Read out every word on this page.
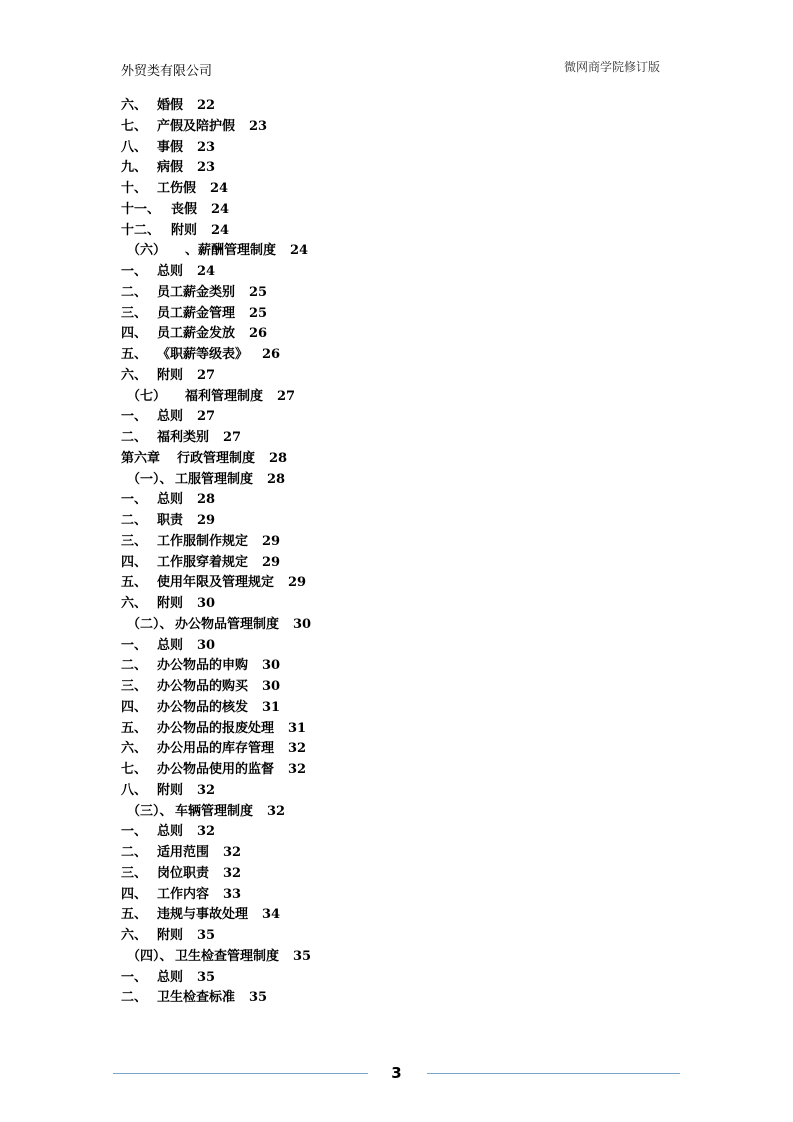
外贸类有限公司	微网商学院修订版
六、 婚假 22
七、 产假及陪护假 23
八、 事假 23
九、 病假 23
十、 工伤假 24
十一、 丧假 24
十二、 附则 24
（六） 、薪酬管理制度 24
一、 总则 24
二、 员工薪金类别 25
三、 员工薪金管理 25
四、 员工薪金发放 26
五、 《职薪等级表》 26
六、 附则 27
（七） 福利管理制度 27
一、 总则 27
二、 福利类别 27
第六章 行政管理制度 28
（一）、 工服管理制度 28
一、 总则 28
二、 职责 29
三、 工作服制作规定 29
四、 工作服穿着规定 29
五、 使用年限及管理规定 29
六、 附则 30
（二）、 办公物品管理制度 30
一、 总则 30
二、 办公物品的申购 30
三、 办公物品的购买 30
四、 办公物品的核发 31
五、 办公物品的报废处理 31
六、 办公用品的库存管理 32
七、 办公物品使用的监督 32
八、 附则 32
（三）、 车辆管理制度 32
一、 总则 32
二、 适用范围 32
三、 岗位职责 32
四、 工作内容 33
五、 违规与事故处理 34
六、 附则 35
（四）、 卫生检查管理制度 35
一、 总则 35
二、 卫生检查标准 35
3
